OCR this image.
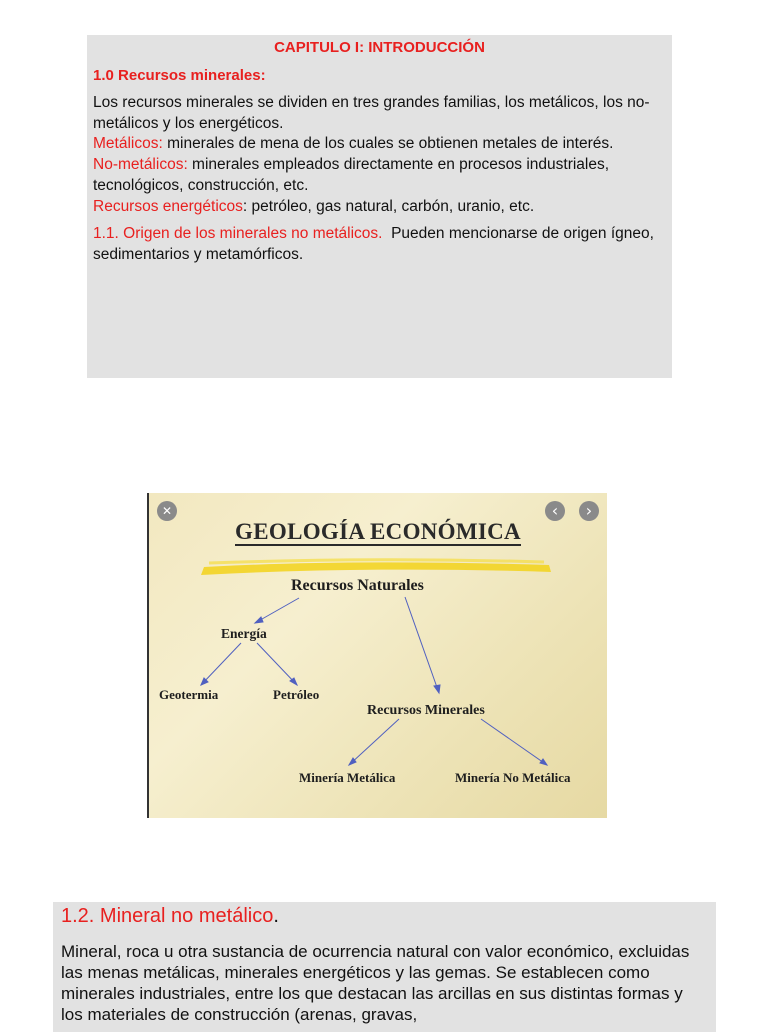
CAPITULO I: INTRODUCCIÓN
1.0 Recursos minerales:

Los recursos minerales se dividen en tres grandes familias, los metálicos, los no-metálicos y los energéticos.

Metálicos: minerales de mena de los cuales se obtienen metales de interés.

No-metálicos: minerales empleados directamente en procesos industriales, tecnológicos, construcción, etc.

Recursos energéticos: petróleo, gas natural, carbón, uranio, etc.

1.1. Origen de los minerales no metálicos.  Pueden mencionarse de origen ígneo, sedimentarios y metamórficos.
✕	‹	›
GEOLOGÍA ECONÓMICA
Recursos Naturales
Energía
Geotermia	Petróleo
Recursos Minerales
Minería Metálica	Minería No Metálica
1.2. Mineral no metálico.
Mineral, roca u otra sustancia de ocurrencia natural con valor económico, excluidas las menas metálicas, minerales energéticos y las gemas. Se establecen como minerales industriales, entre los que destacan las arcillas en sus distintas formas y los materiales de construcción (arenas, gravas,
